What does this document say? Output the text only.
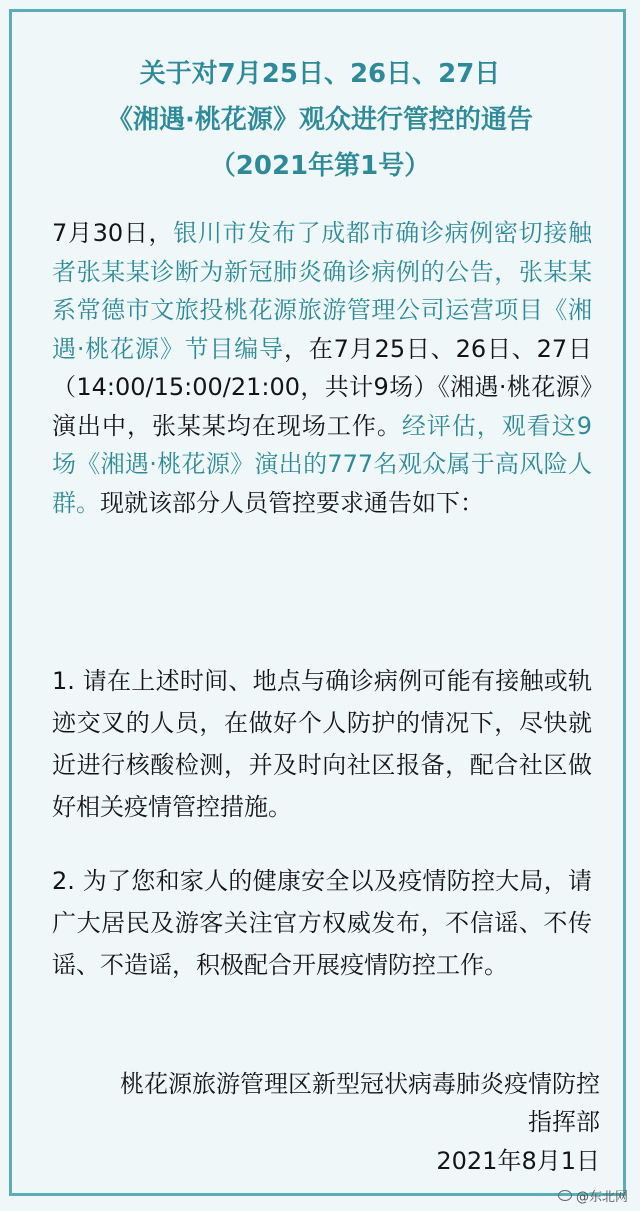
关于对7月25日、26日、27日
《湘遇·桃花源》观众进行管控的通告
（2021年第1号）
7月30日，银川市发布了成都市确诊病例密切接触者张某某诊断为新冠肺炎确诊病例的公告，张某某系常德市文旅投桃花源旅游管理公司运营项目《湘遇·桃花源》节目编导，在7月25日、26日、27日（14:00/15:00/21:00，共计9场）《湘遇·桃花源》演出中，张某某均在现场工作。经评估，观看这9场《湘遇·桃花源》演出的777名观众属于高风险人群。现就该部分人员管控要求通告如下：
1. 请在上述时间、地点与确诊病例可能有接触或轨迹交叉的人员，在做好个人防护的情况下，尽快就近进行核酸检测，并及时向社区报备，配合社区做好相关疫情管控措施。
2. 为了您和家人的健康安全以及疫情防控大局，请广大居民及游客关注官方权威发布，不信谣、不传谣、不造谣，积极配合开展疫情防控工作。
桃花源旅游管理区新型冠状病毒肺炎疫情防控
指挥部
2021年8月1日
@东北网
